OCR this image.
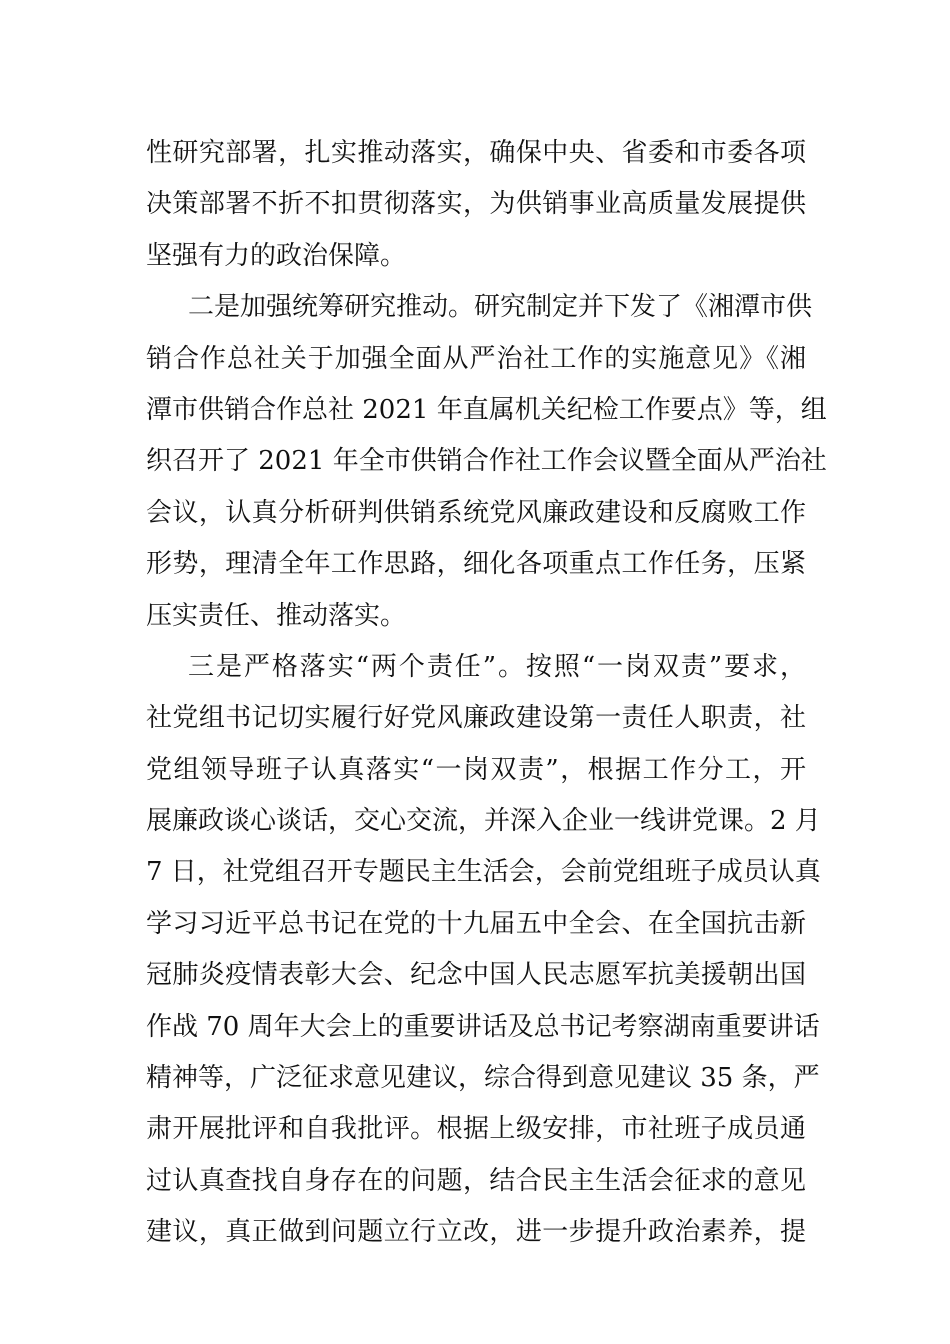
性研究部署，扎实推动落实，确保中央、省委和市委各项
决策部署不折不扣贯彻落实，为供销事业高质量发展提供
坚强有力的政治保障。
二是加强统筹研究推动。研究制定并下发了《湘潭市供
销合作总社关于加强全面从严治社工作的实施意见》《湘
潭市供销合作总社 2021 年直属机关纪检工作要点》等，组
织召开了 2021 年全市供销合作社工作会议暨全面从严治社
会议，认真分析研判供销系统党风廉政建设和反腐败工作
形势，理清全年工作思路，细化各项重点工作任务，压紧
压实责任、推动落实。
三是严格落实“两个责任”。按照“一岗双责”要求，
社党组书记切实履行好党风廉政建设第一责任人职责，社
党组领导班子认真落实“一岗双责”，根据工作分工，开
展廉政谈心谈话，交心交流，并深入企业一线讲党课。2 月
7 日，社党组召开专题民主生活会，会前党组班子成员认真
学习习近平总书记在党的十九届五中全会、在全国抗击新
冠肺炎疫情表彰大会、纪念中国人民志愿军抗美援朝出国
作战 70 周年大会上的重要讲话及总书记考察湖南重要讲话
精神等，广泛征求意见建议，综合得到意见建议 35 条，严
肃开展批评和自我批评。根据上级安排，市社班子成员通
过认真查找自身存在的问题，结合民主生活会征求的意见
建议，真正做到问题立行立改，进一步提升政治素养，提
